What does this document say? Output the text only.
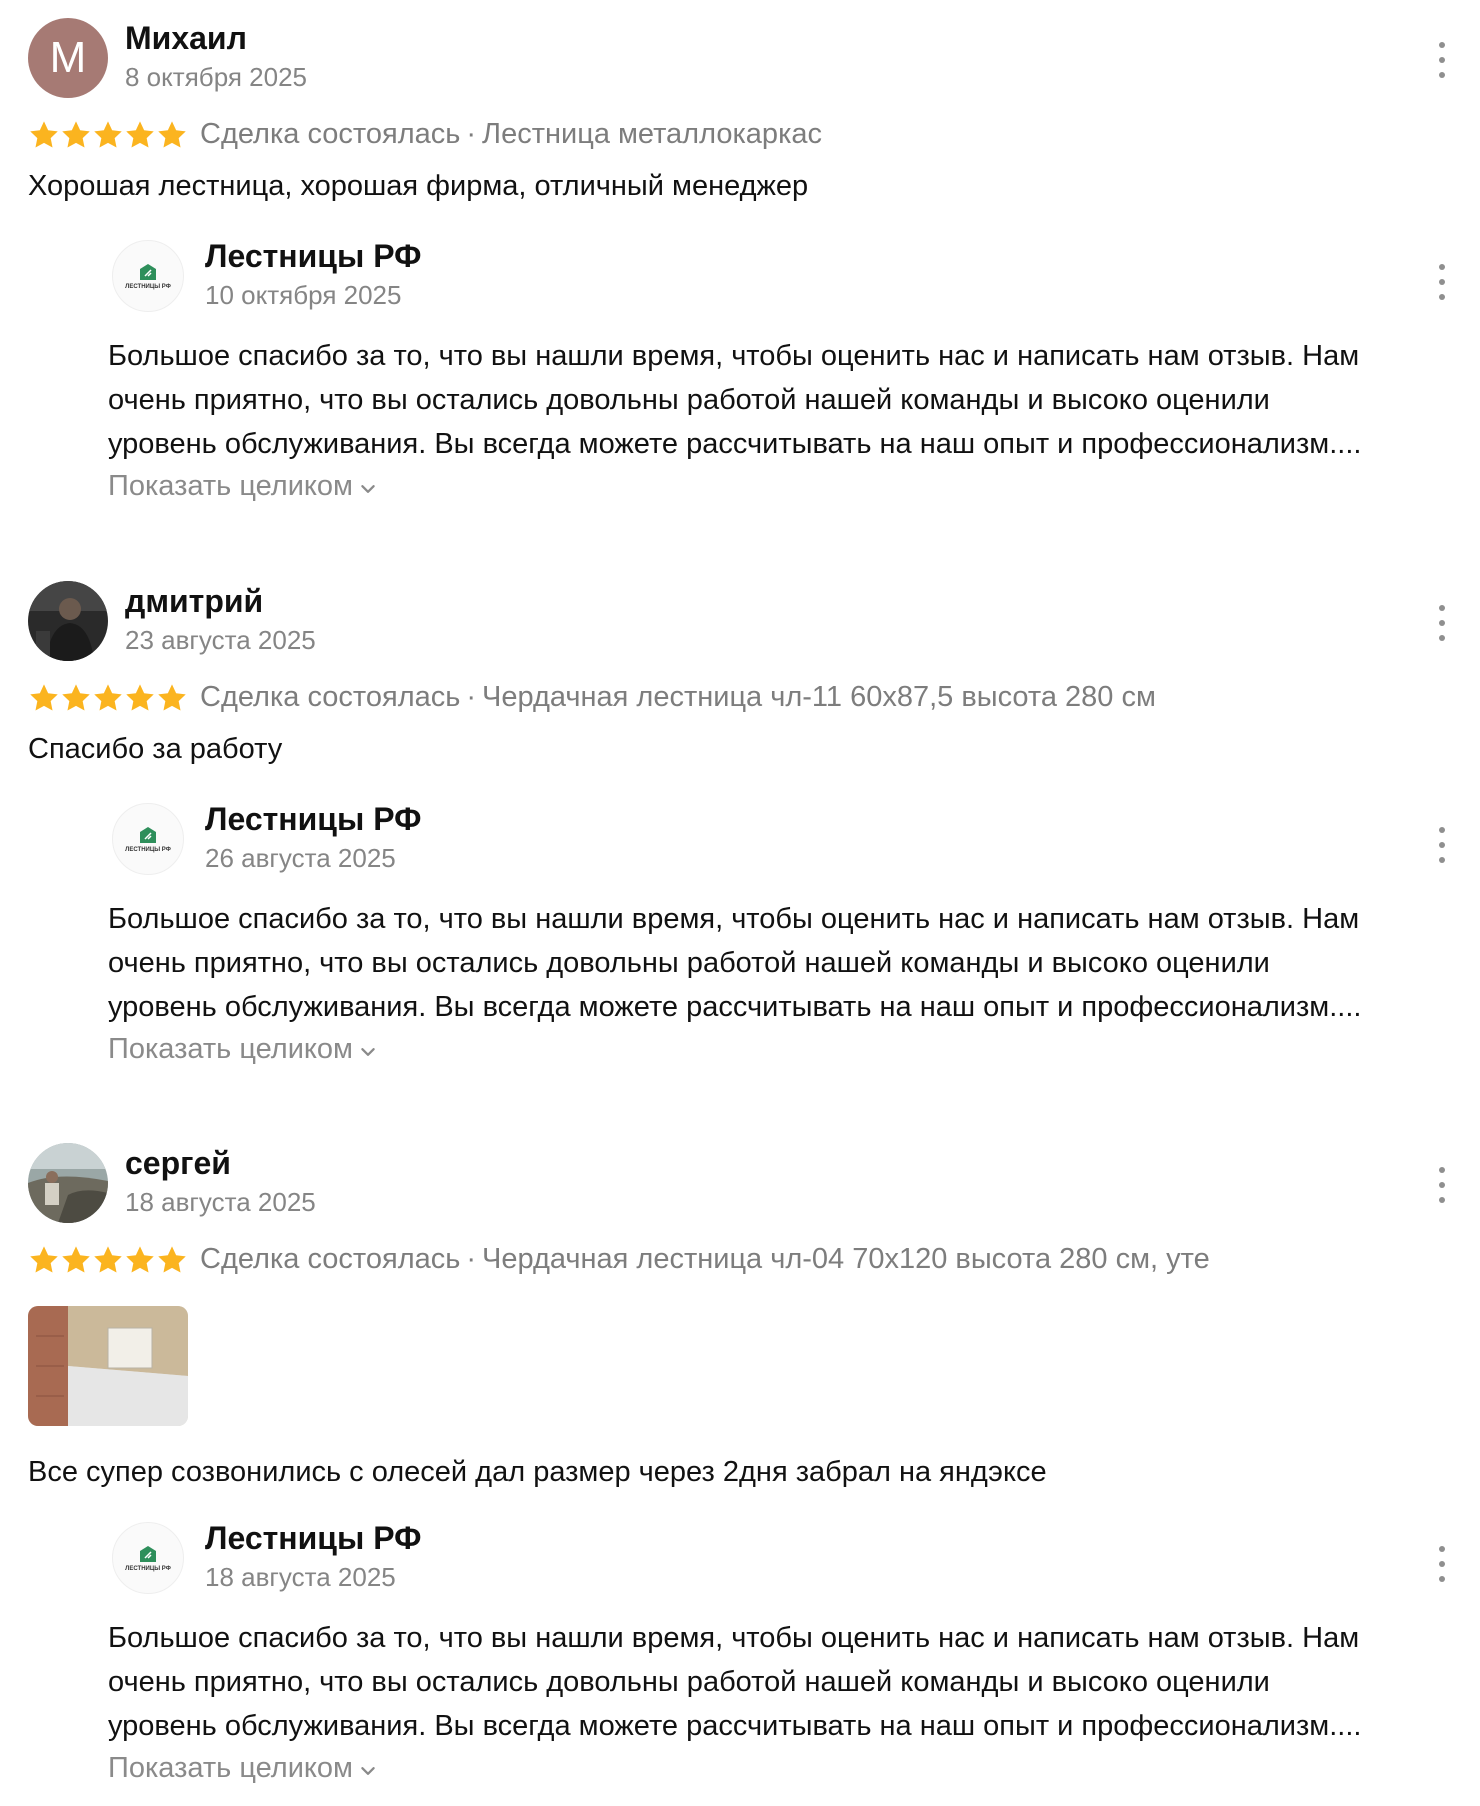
M Михаил
8 октября 2025
Сделка состоялась · Лестница металлокаркас
Хорошая лестница, хорошая фирма, отличный менеджер
ЛЕСТНИЦЫ РФ
Лестницы РФ
10 октября 2025
Большое спасибо за то, что вы нашли время, чтобы оценить нас и написать нам отзыв. Нам
очень приятно, что вы остались довольны работой нашей команды и высоко оценили
уровень обслуживания. Вы всегда можете рассчитывать на наш опыт и профессионализм....
Показать целиком
дмитрий
23 августа 2025
Сделка состоялась · Чердачная лестница чл-11 60х87,5 высота 280 см
Спасибо за работу
ЛЕСТНИЦЫ РФ
Лестницы РФ
26 августа 2025
Большое спасибо за то, что вы нашли время, чтобы оценить нас и написать нам отзыв. Нам
очень приятно, что вы остались довольны работой нашей команды и высоко оценили
уровень обслуживания. Вы всегда можете рассчитывать на наш опыт и профессионализм....
Показать целиком
сергей
18 августа 2025
Сделка состоялась · Чердачная лестница чл-04 70х120 высота 280 см, уте
Все супер созвонились с олесей дал размер через 2дня забрал на яндэксе
ЛЕСТНИЦЫ РФ
Лестницы РФ
18 августа 2025
Большое спасибо за то, что вы нашли время, чтобы оценить нас и написать нам отзыв. Нам
очень приятно, что вы остались довольны работой нашей команды и высоко оценили
уровень обслуживания. Вы всегда можете рассчитывать на наш опыт и профессионализм....
Показать целиком
